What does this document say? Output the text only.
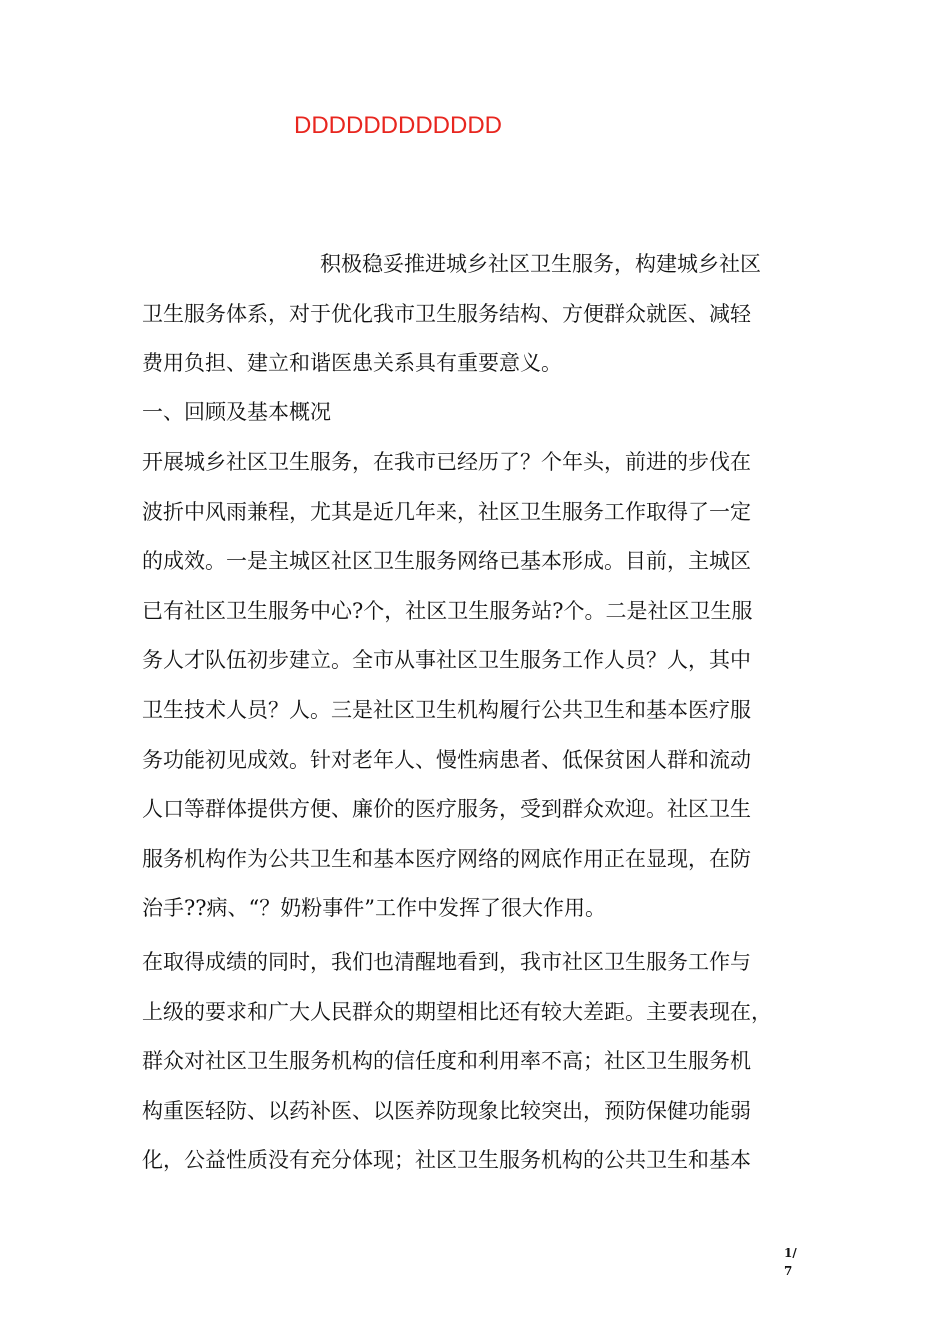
DDDDDDDDDDDD
积极稳妥推进城乡社区卫生服务，构建城乡社区
卫生服务体系，对于优化我市卫生服务结构、方便群众就医、减轻
费用负担、建立和谐医患关系具有重要意义。
一、回顾及基本概况
开展城乡社区卫生服务，在我市已经历了？个年头，前进的步伐在
波折中风雨兼程，尤其是近几年来，社区卫生服务工作取得了一定
的成效。一是主城区社区卫生服务网络已基本形成。目前，主城区
已有社区卫生服务中心?个，社区卫生服务站?个。二是社区卫生服
务人才队伍初步建立。全市从事社区卫生服务工作人员？人，其中
卫生技术人员？人。三是社区卫生机构履行公共卫生和基本医疗服
务功能初见成效。针对老年人、慢性病患者、低保贫困人群和流动
人口等群体提供方便、廉价的医疗服务，受到群众欢迎。社区卫生
服务机构作为公共卫生和基本医疗网络的网底作用正在显现，在防
治手??病、“？奶粉事件”工作中发挥了很大作用。
在取得成绩的同时，我们也清醒地看到，我市社区卫生服务工作与
上级的要求和广大人民群众的期望相比还有较大差距。主要表现在，
群众对社区卫生服务机构的信任度和利用率不高；社区卫生服务机
构重医轻防、以药补医、以医养防现象比较突出，预防保健功能弱
化，公益性质没有充分体现；社区卫生服务机构的公共卫生和基本
1/
7
